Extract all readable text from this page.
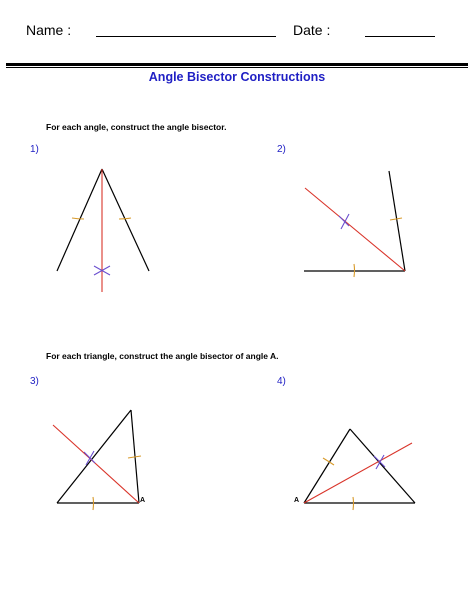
Name :	Date :
Angle Bisector Constructions
For each angle, construct the angle bisector.
For each triangle, construct the angle bisector of angle A.
1)	2)
3)	4)
A	A
